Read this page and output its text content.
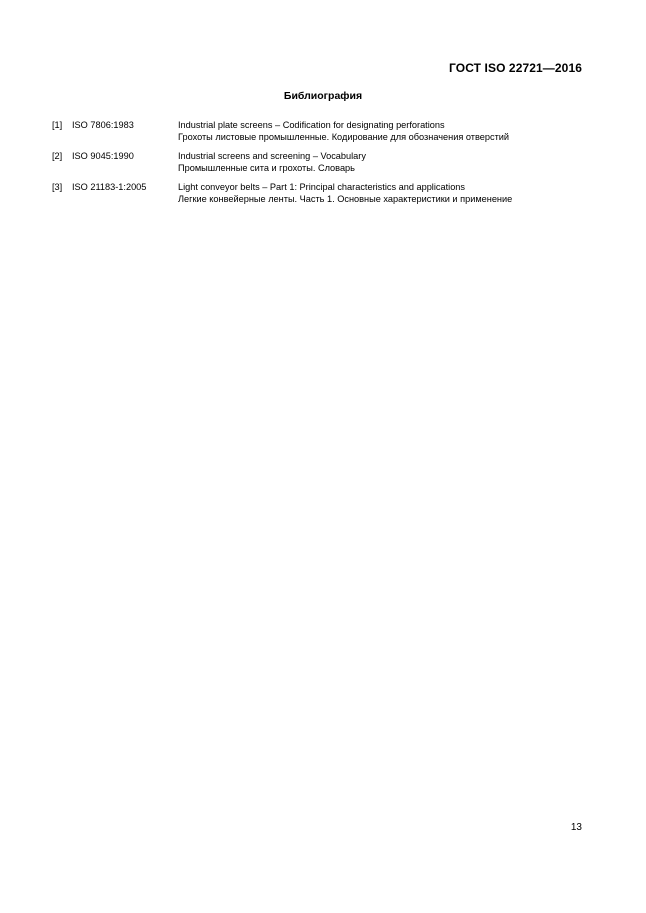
ГОСТ ISO 22721—2016
Библиография
[1]	ISO 7806:1983	Industrial plate screens – Codification for designating perforations
Грохоты листовые промышленные. Кодирование для обозначения отверстий
[2]	ISO 9045:1990	Industrial screens and screening – Vocabulary
Промышленные сита и грохоты. Словарь
[3]	ISO 21183-1:2005	Light conveyor belts – Part 1: Principal characteristics and applications
Легкие конвейерные ленты. Часть 1. Основные характеристики и применение
13
